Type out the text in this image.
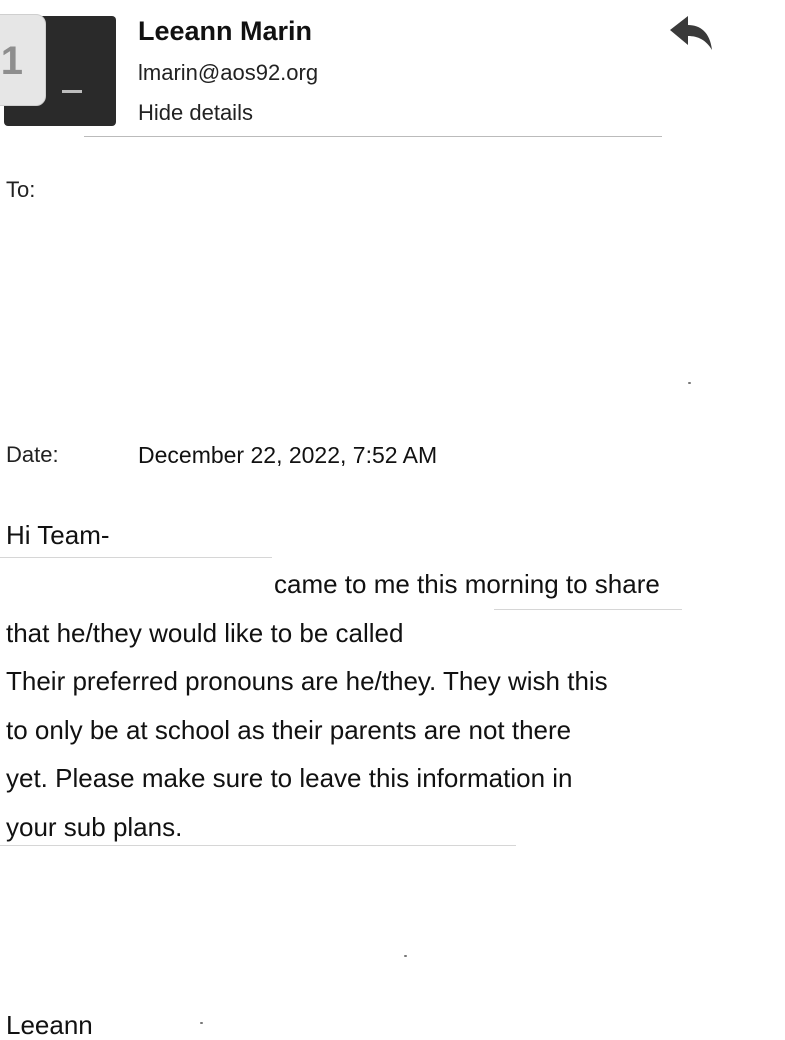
1
Leeann Marin
lmarin@aos92.org
Hide details
To:
Date:	December 22, 2022, 7:52 AM
Hi Team-
came to me this morning to share
that he/they would like to be called
Their preferred pronouns are he/they. They wish this
to only be at school as their parents are not there
yet. Please make sure to leave this information in
your sub plans.
Leeann
